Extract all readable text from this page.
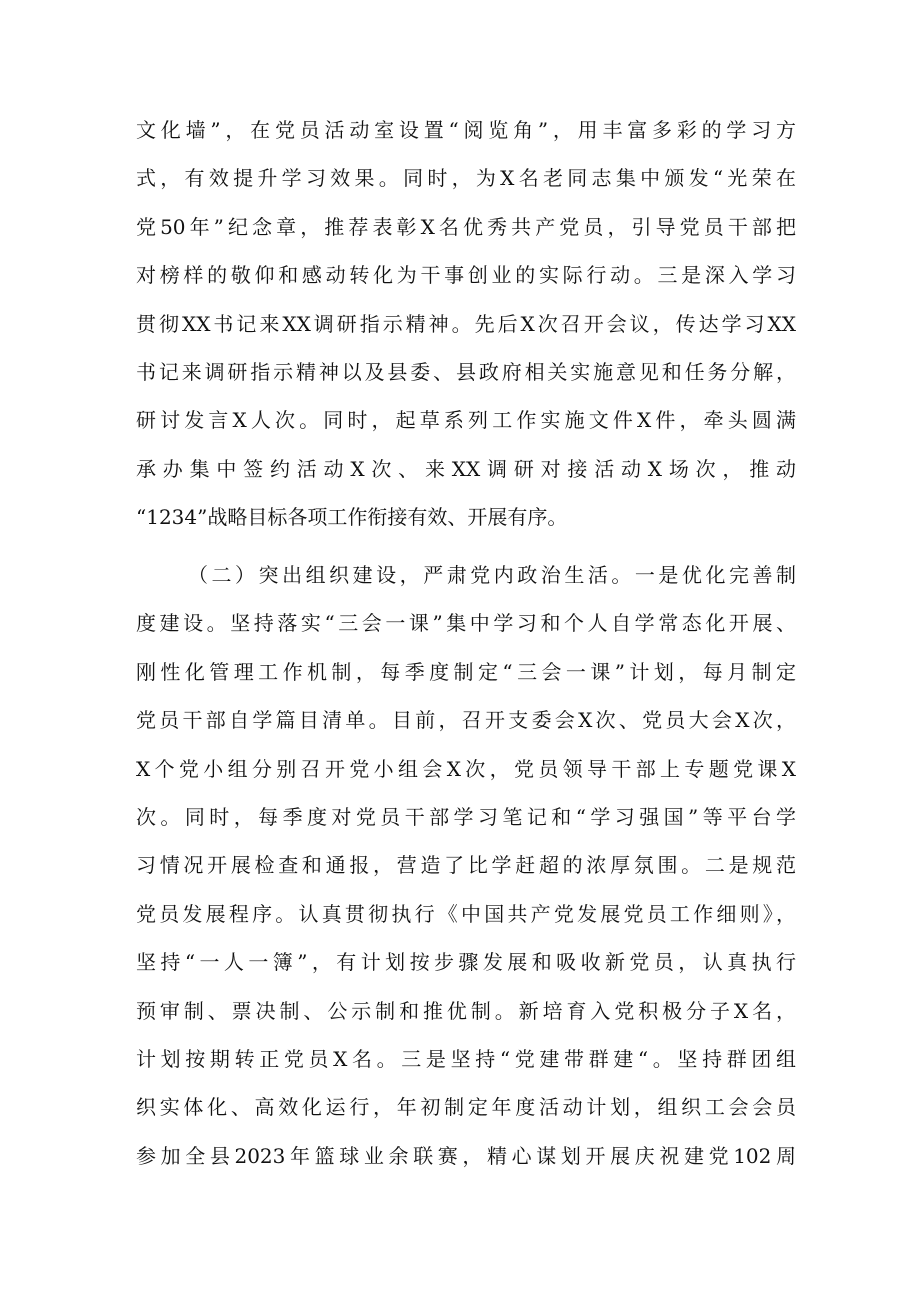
文化墙”，在党员活动室设置“阅览角”，用丰富多彩的学习方
式，有效提升学习效果。同时，为X名老同志集中颁发“光荣在
党50年”纪念章，推荐表彰X名优秀共产党员，引导党员干部把
对榜样的敬仰和感动转化为干事创业的实际行动。三是深入学习
贯彻XX书记来XX调研指示精神。先后X次召开会议，传达学习XX
书记来调研指示精神以及县委、县政府相关实施意见和任务分解，
研讨发言X人次。同时，起草系列工作实施文件X件，牵头圆满
承办集中签约活动X次、来XX调研对接活动X场次，推动
“1234”战略目标各项工作衔接有效、开展有序。
（二）突出组织建设，严肃党内政治生活。一是优化完善制
度建设。坚持落实“三会一课”集中学习和个人自学常态化开展、
刚性化管理工作机制，每季度制定“三会一课”计划，每月制定
党员干部自学篇目清单。目前，召开支委会X次、党员大会X次，
X个党小组分别召开党小组会X次，党员领导干部上专题党课X
次。同时，每季度对党员干部学习笔记和“学习强国”等平台学
习情况开展检查和通报，营造了比学赶超的浓厚氛围。二是规范
党员发展程序。认真贯彻执行《中国共产党发展党员工作细则》，
坚持“一人一簿”，有计划按步骤发展和吸收新党员，认真执行
预审制、票决制、公示制和推优制。新培育入党积极分子X名，
计划按期转正党员X名。三是坚持“党建带群建“。坚持群团组
织实体化、高效化运行，年初制定年度活动计划，组织工会会员
参加全县2023年篮球业余联赛，精心谋划开展庆祝建党102周
